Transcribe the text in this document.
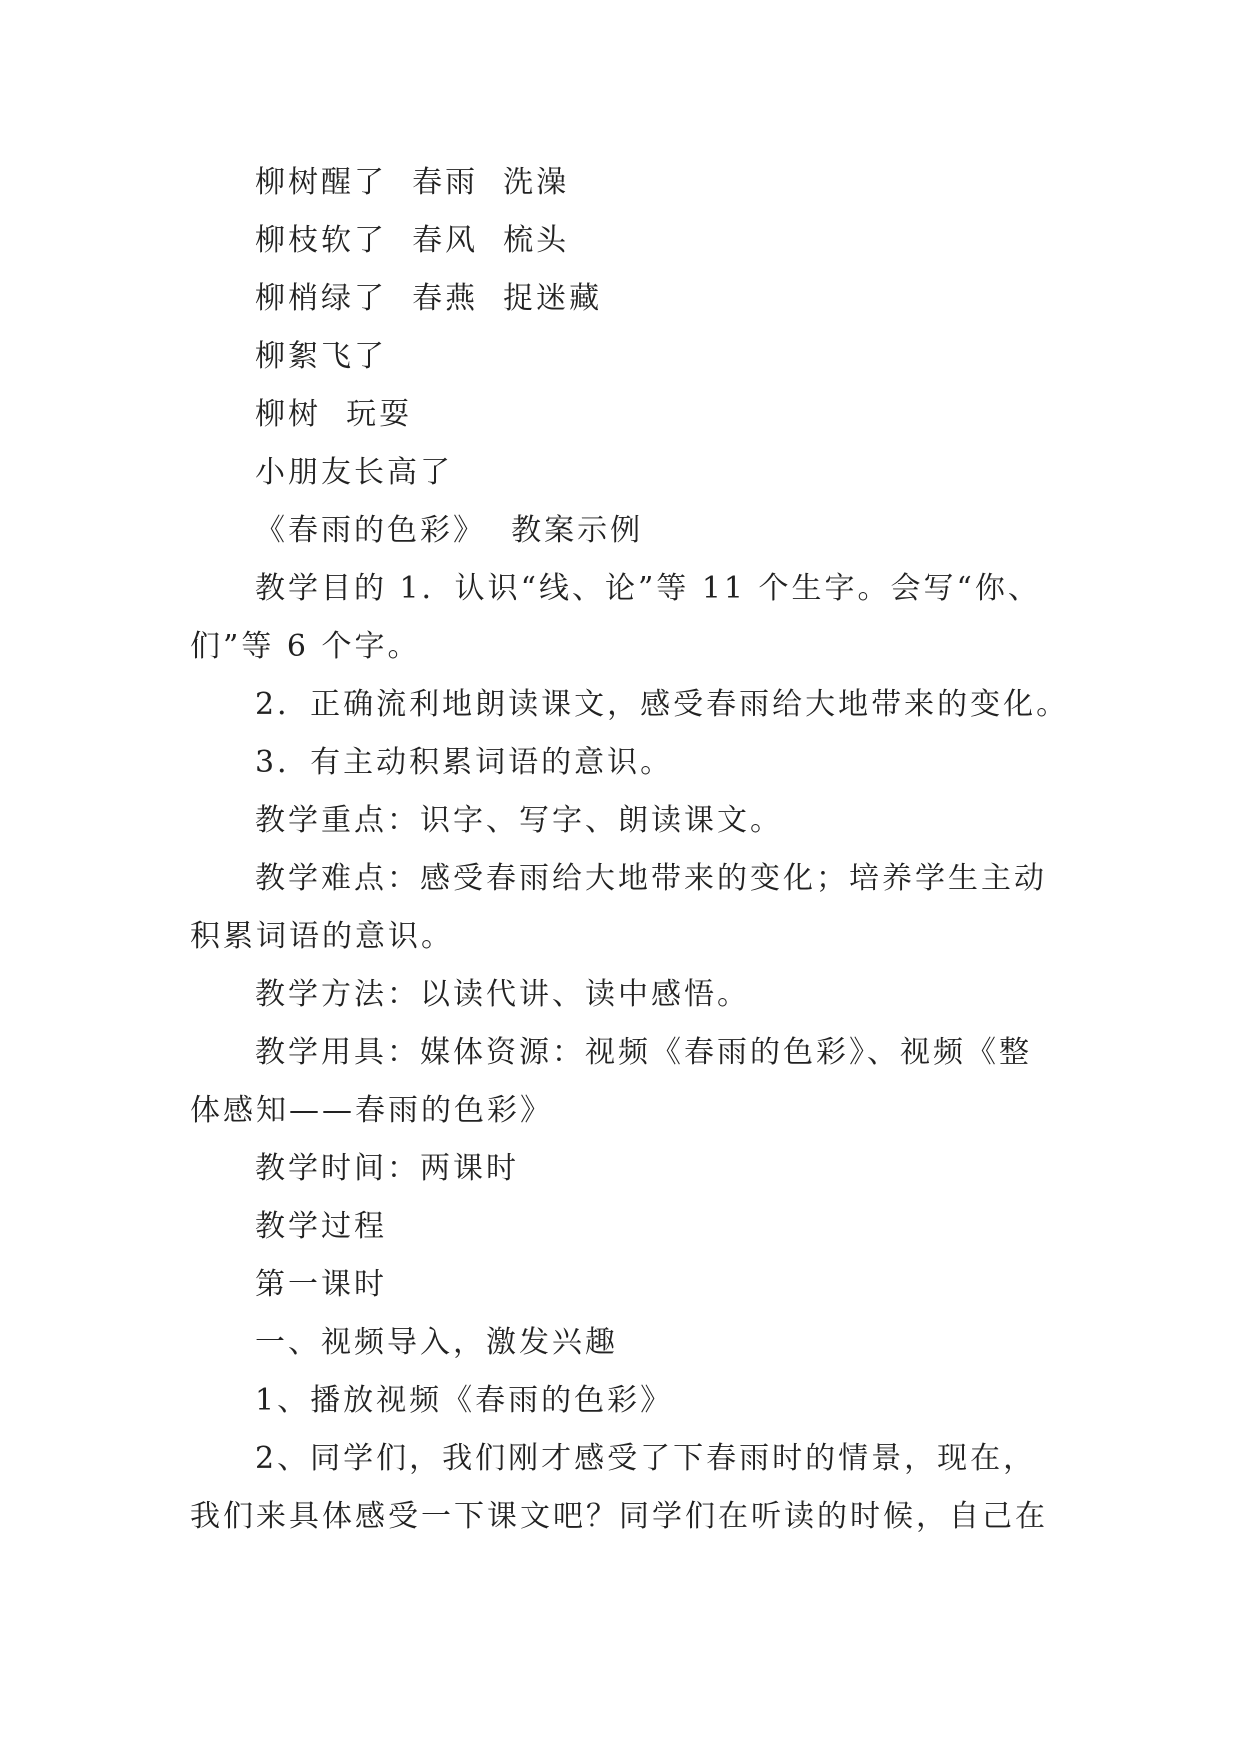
柳树醒了  春雨  洗澡
柳枝软了  春风  梳头
柳梢绿了  春燕  捉迷藏
柳絮飞了
柳树  玩耍
小朋友长高了
《春雨的色彩》  教案示例
教学目的 1．认识“线、论”等 11 个生字。会写“你、
们”等 6 个字。
2．正确流利地朗读课文，感受春雨给大地带来的变化。
3．有主动积累词语的意识。
教学重点：识字、写字、朗读课文。
教学难点：感受春雨给大地带来的变化；培养学生主动
积累词语的意识。
教学方法：以读代讲、读中感悟。
教学用具：媒体资源：视频《春雨的色彩》、视频《整
体感知——春雨的色彩》
教学时间：两课时
教学过程
第一课时
一、视频导入，激发兴趣
1、播放视频《春雨的色彩》
2、同学们，我们刚才感受了下春雨时的情景，现在，
我们来具体感受一下课文吧？同学们在听读的时候，自己在
